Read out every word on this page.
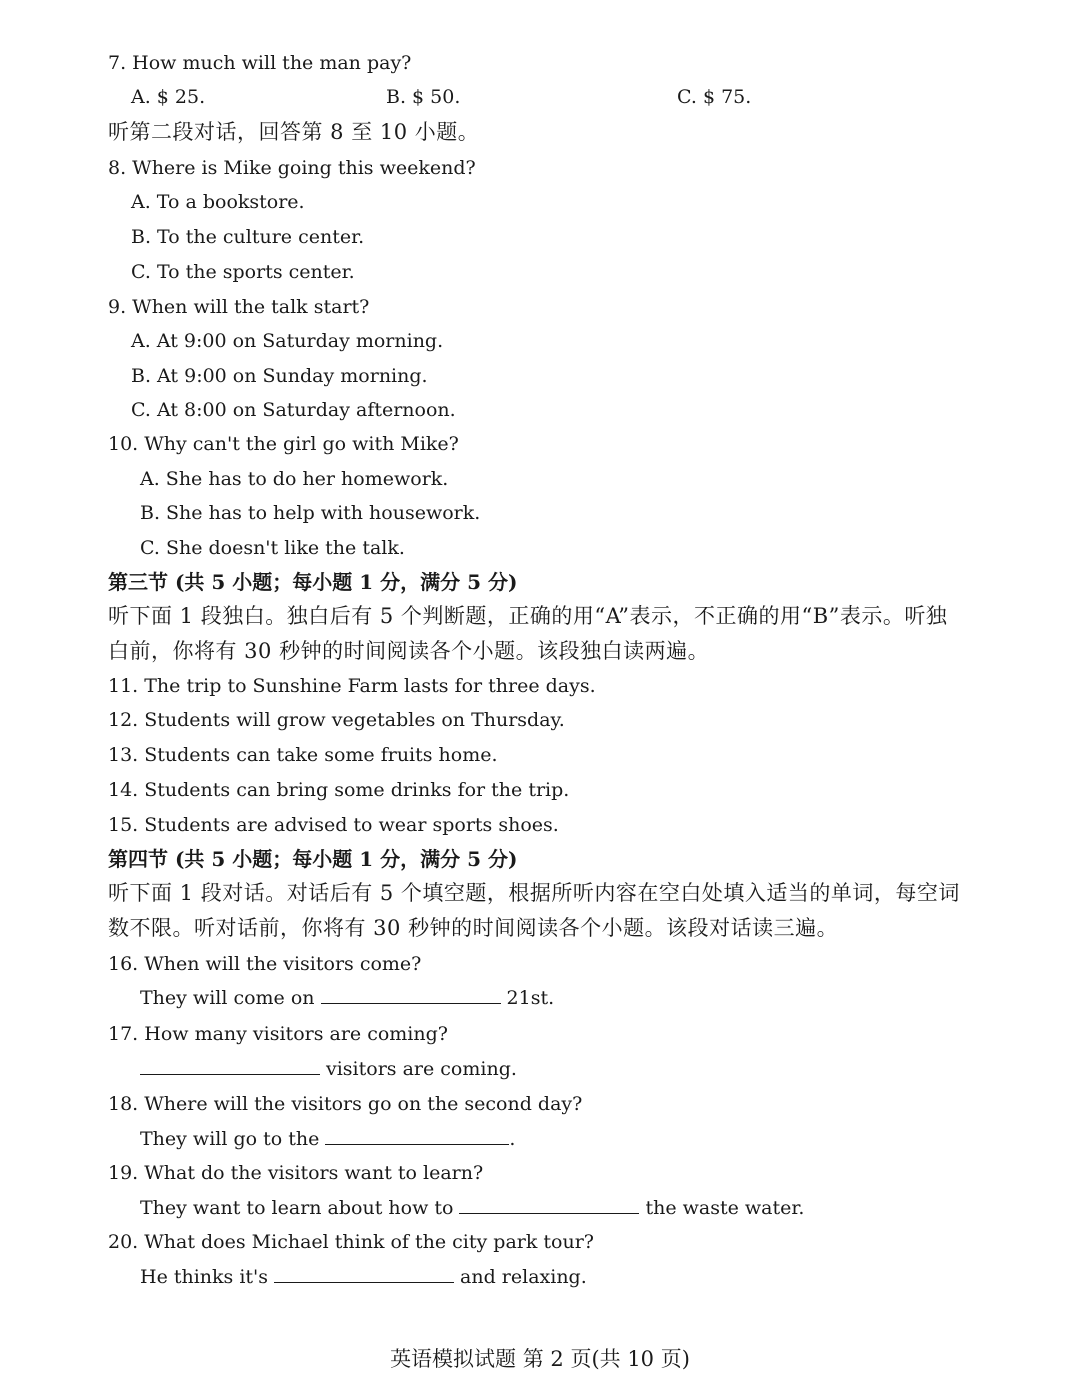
7. How much will the man pay?
A. $ 25.	B. $ 50.	C. $ 75.
听第二段对话，回答第 8 至 10 小题。
8. Where is Mike going this weekend?
A. To a bookstore.
B. To the culture center.
C. To the sports center.
9. When will the talk start?
A. At 9:00 on Saturday morning.
B. At 9:00 on Sunday morning.
C. At 8:00 on Saturday afternoon.
10. Why can't the girl go with Mike?
A. She has to do her homework.
B. She has to help with housework.
C. She doesn't like the talk.
第三节 (共 5 小题；每小题 1 分，满分 5 分)
听下面 1 段独白。独白后有 5 个判断题，正确的用“A”表示，不正确的用“B”表示。听独
白前，你将有 30 秒钟的时间阅读各个小题。该段独白读两遍。
11. The trip to Sunshine Farm lasts for three days.
12. Students will grow vegetables on Thursday.
13. Students can take some fruits home.
14. Students can bring some drinks for the trip.
15. Students are advised to wear sports shoes.
第四节 (共 5 小题；每小题 1 分，满分 5 分)
听下面 1 段对话。对话后有 5 个填空题，根据所听内容在空白处填入适当的单词，每空词
数不限。听对话前，你将有 30 秒钟的时间阅读各个小题。该段对话读三遍。
16. When will the visitors come?
They will come on	21st.
17. How many visitors are coming?
visitors are coming.
18. Where will the visitors go on the second day?
They will go to the	.
19. What do the visitors want to learn?
They want to learn about how to	the waste water.
20. What does Michael think of the city park tour?
He thinks it's	and relaxing.
英语模拟试题 第 2 页(共 10 页)
